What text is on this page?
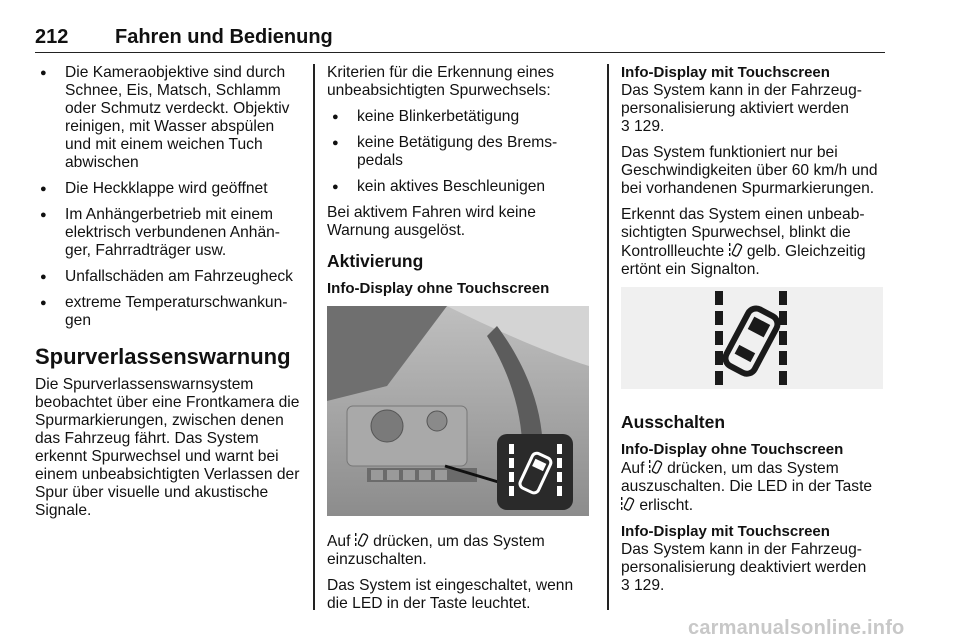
212 Fahren und Bedienung
● Die Kameraobjektive sind durch Schnee, Eis, Matsch, Schlamm oder Schmutz verdeckt. Objektiv reinigen, mit Wasser abspülen und mit einem weichen Tuch abwischen
● Die Heckklappe wird geöffnet
● Im Anhängerbetrieb mit einem elektrisch verbundenen Anhän-ger, Fahrradträger usw.
● Unfallschäden am Fahrzeugheck
● extreme Temperaturschwankun-gen
Spurverlassenswarnung

Die Spurverlassenswarnsystem beobachtet über eine Frontkamera die Spurmarkierungen, zwischen denen das Fahrzeug fährt. Das System erkennt Spurwechsel und warnt bei einem unbeabsichtigten Verlassen der Spur über visuelle und akustische Signale.

Kriterien für die Erkennung eines unbeabsichtigten Spurwechsels:

● keine Blinkerbetätigung
● keine Betätigung des Brems-pedals
● kein aktives Beschleunigen

Bei aktivem Fahren wird keine Warnung ausgelöst.

Aktivierung

Info-Display ohne Touchscreen

Auf  drücken, um das System einzuschalten.

Das System ist eingeschaltet, wenn die LED in der Taste leuchtet.

Info-Display mit Touchscreen

Das System kann in der Fahrzeug-personalisierung aktiviert werden
3 129.

Das System funktioniert nur bei Geschwindigkeiten über 60 km/h und bei vorhandenen Spurmarkierungen.

Erkennt das System einen unbeab-sichtigten Spurwechsel, blinkt die Kontrollleuchte  gelb. Gleichzeitig ertönt ein Signalton.

Ausschalten

Info-Display ohne Touchscreen

Auf  drücken, um das System auszuschalten. Die LED in der Taste  erlischt.

Info-Display mit Touchscreen

Das System kann in der Fahrzeug-personalisierung deaktiviert werden
3 129.

carmanualsonline.info
